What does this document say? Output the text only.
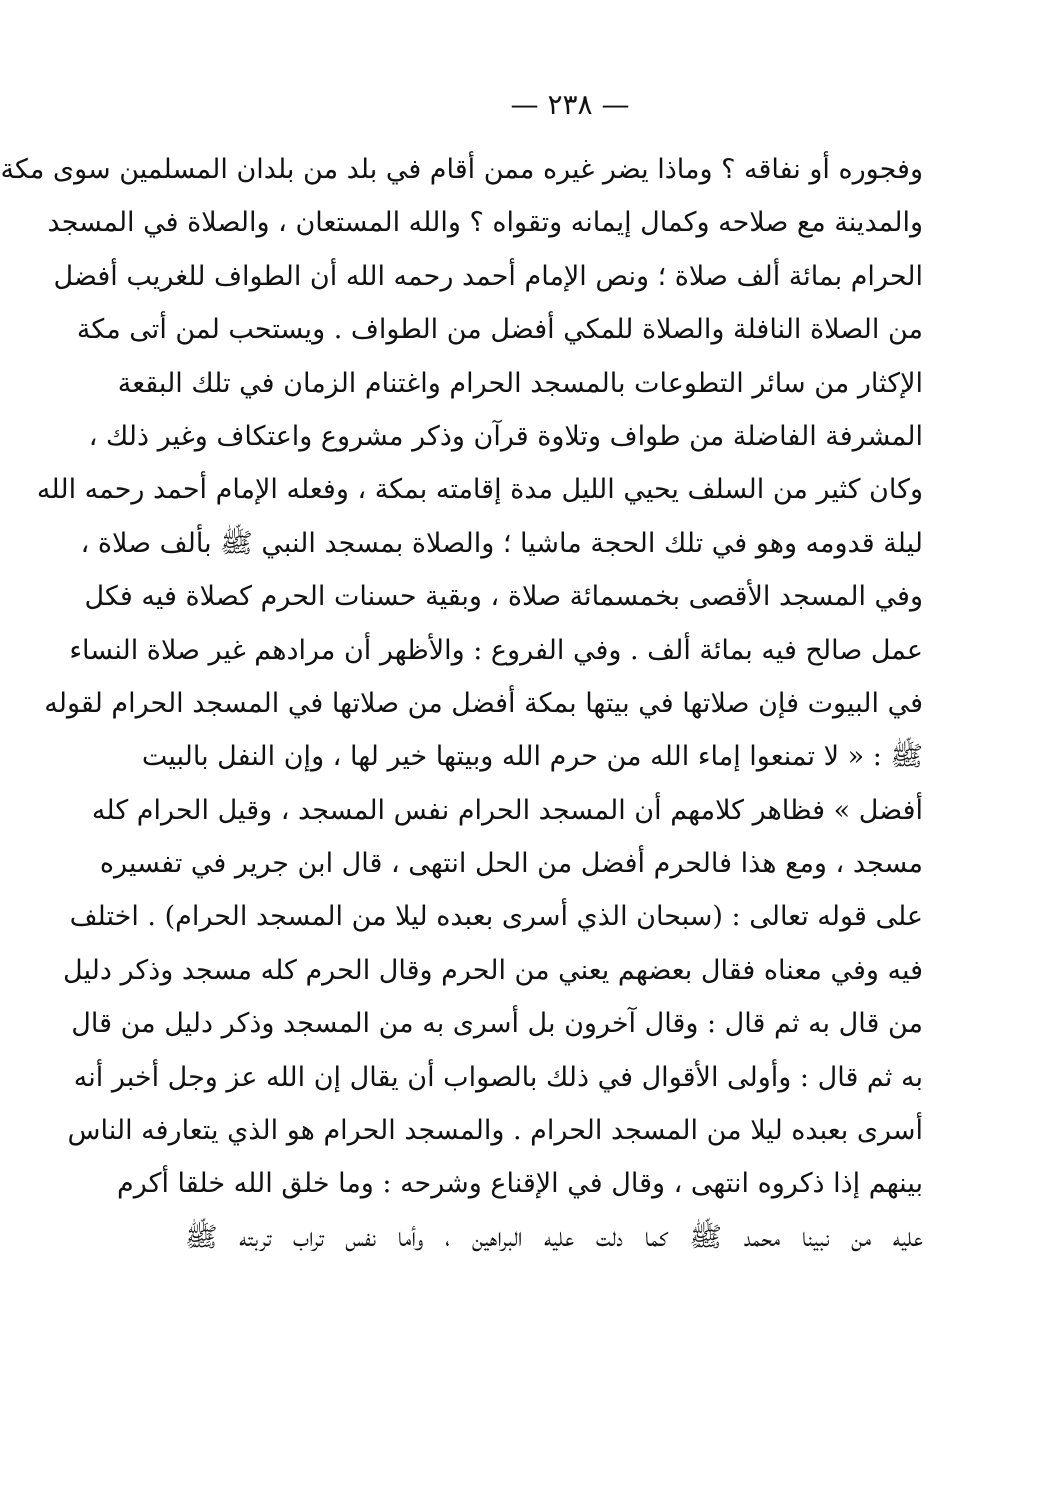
— ٢٣٨ —
وفجوره أو نفاقه ؟ وماذا يضر غيره ممن أقام في بلد من بلدان المسلمين سوى مكة
والمدينة مع صلاحه وكمال إيمانه وتقواه ؟ والله المستعان ، والصلاة في المسجد
الحرام بمائة ألف صلاة ؛ ونص الإمام أحمد رحمه الله أن الطواف للغريب أفضل
من الصلاة النافلة والصلاة للمكي أفضل من الطواف . ويستحب لمن أتى مكة
الإكثار من سائر التطوعات بالمسجد الحرام واغتنام الزمان في تلك البقعة
المشرفة الفاضلة من طواف وتلاوة قرآن وذكر مشروع واعتكاف وغير ذلك ،
وكان كثير من السلف يحيي الليل مدة إقامته بمكة ، وفعله الإمام أحمد رحمه الله
ليلة قدومه وهو في تلك الحجة ماشيا ؛ والصلاة بمسجد النبي ﷺ بألف صلاة ،
وفي المسجد الأقصى بخمسمائة صلاة ، وبقية حسنات الحرم كصلاة فيه فكل
عمل صالح فيه بمائة ألف . وفي الفروع : والأظهر أن مرادهم غير صلاة النساء
في البيوت فإن صلاتها في بيتها بمكة أفضل من صلاتها في المسجد الحرام لقوله
ﷺ : « لا تمنعوا إماء الله من حرم الله وبيتها خير لها ، وإن النفل بالبيت
أفضل » فظاهر كلامهم أن المسجد الحرام نفس المسجد ، وقيل الحرام كله
مسجد ، ومع هذا فالحرم أفضل من الحل انتهى ، قال ابن جرير في تفسيره
على قوله تعالى : (سبحان الذي أسرى بعبده ليلا من المسجد الحرام) . اختلف
فيه وفي معناه فقال بعضهم يعني من الحرم وقال الحرم كله مسجد وذكر دليل
من قال به ثم قال : وقال آخرون بل أسرى به من المسجد وذكر دليل من قال
به ثم قال : وأولى الأقوال في ذلك بالصواب أن يقال إن الله عز وجل أخبر أنه
أسرى بعبده ليلا من المسجد الحرام . والمسجد الحرام هو الذي يتعارفه الناس
بينهم إذا ذكروه انتهى ، وقال في الإقناع وشرحه : وما خلق الله خلقا أكرم
عليه من نبينا محمد ﷺ كما دلت عليه البراهين ، وأما نفس تراب تربته ﷺ
